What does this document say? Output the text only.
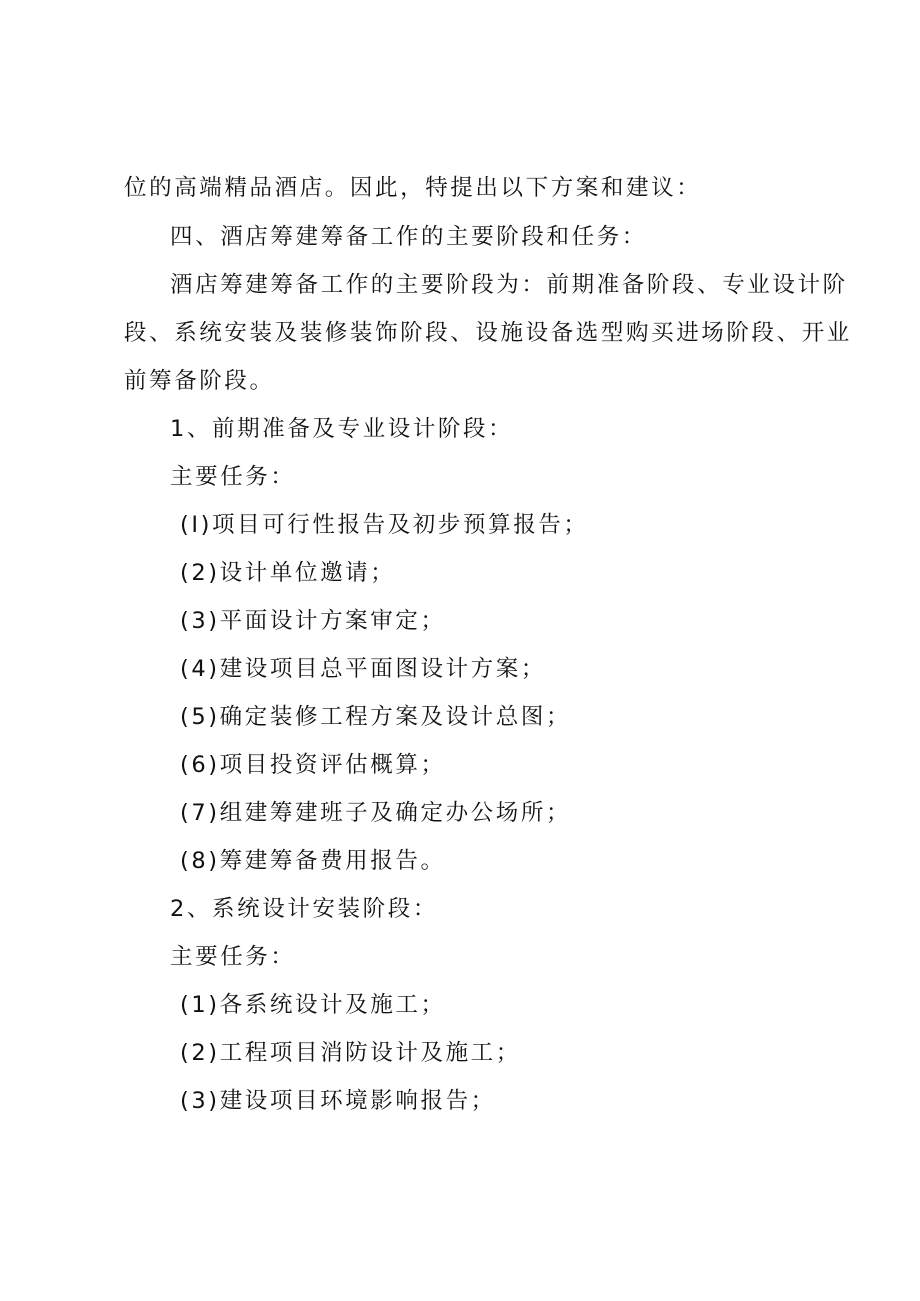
位的高端精品酒店。因此，特提出以下方案和建议：
四、酒店筹建筹备工作的主要阶段和任务：
酒店筹建筹备工作的主要阶段为：前期准备阶段、专业设计阶
段、系统安装及装修装饰阶段、设施设备选型购买进场阶段、开业
前筹备阶段。
1、前期准备及专业设计阶段：
主要任务：
(I)项目可行性报告及初步预算报告；
(2)设计单位邀请；
(3)平面设计方案审定；
(4)建设项目总平面图设计方案；
(5)确定装修工程方案及设计总图；
(6)项目投资评估概算；
(7)组建筹建班子及确定办公场所；
(8)筹建筹备费用报告。
2、系统设计安装阶段：
主要任务：
(1)各系统设计及施工；
(2)工程项目消防设计及施工；
(3)建设项目环境影响报告；
